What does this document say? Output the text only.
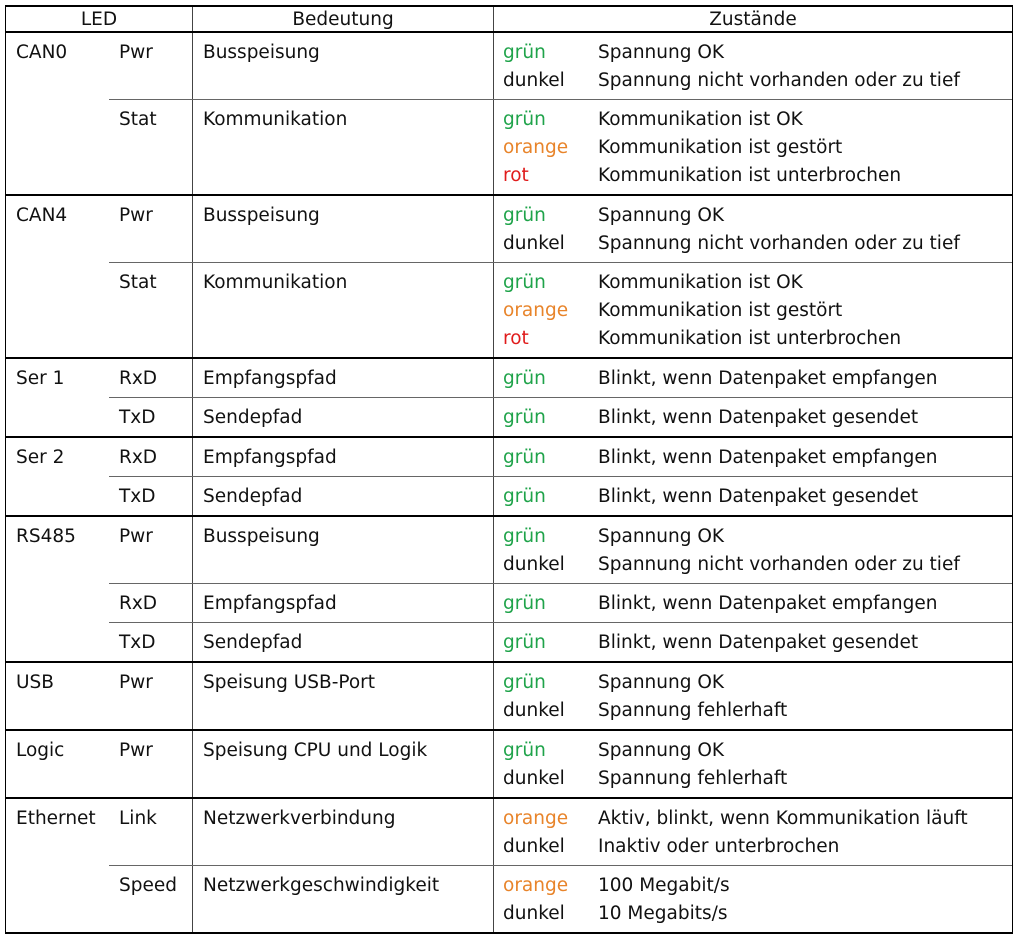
LED	Bedeutung	Zustände
CAN0	Pwr	Busspeisung	grün	Spannung OK
dunkel	Spannung nicht vorhanden oder zu tief
Stat	Kommunikation	grün	Kommunikation ist OK
orange	Kommunikation ist gestört
rot	Kommunikation ist unterbrochen
CAN4	Pwr	Busspeisung	grün	Spannung OK
dunkel	Spannung nicht vorhanden oder zu tief
Stat	Kommunikation	grün	Kommunikation ist OK
orange	Kommunikation ist gestört
rot	Kommunikation ist unterbrochen
Ser 1	RxD	Empfangspfad	grün	Blinkt, wenn Datenpaket empfangen
TxD	Sendepfad	grün	Blinkt, wenn Datenpaket gesendet
Ser 2	RxD	Empfangspfad	grün	Blinkt, wenn Datenpaket empfangen
TxD	Sendepfad	grün	Blinkt, wenn Datenpaket gesendet
RS485	Pwr	Busspeisung	grün	Spannung OK
dunkel	Spannung nicht vorhanden oder zu tief
RxD	Empfangspfad	grün	Blinkt, wenn Datenpaket empfangen
TxD	Sendepfad	grün	Blinkt, wenn Datenpaket gesendet
USB	Pwr	Speisung USB-Port	grün	Spannung OK
dunkel	Spannung fehlerhaft
Logic	Pwr	Speisung CPU und Logik	grün	Spannung OK
dunkel	Spannung fehlerhaft
Ethernet	Link	Netzwerkverbindung	orange	Aktiv, blinkt, wenn Kommunikation läuft
dunkel	Inaktiv oder unterbrochen
Speed	Netzwerkgeschwindigkeit	orange	100 Megabit/s
dunkel	10 Megabits/s
